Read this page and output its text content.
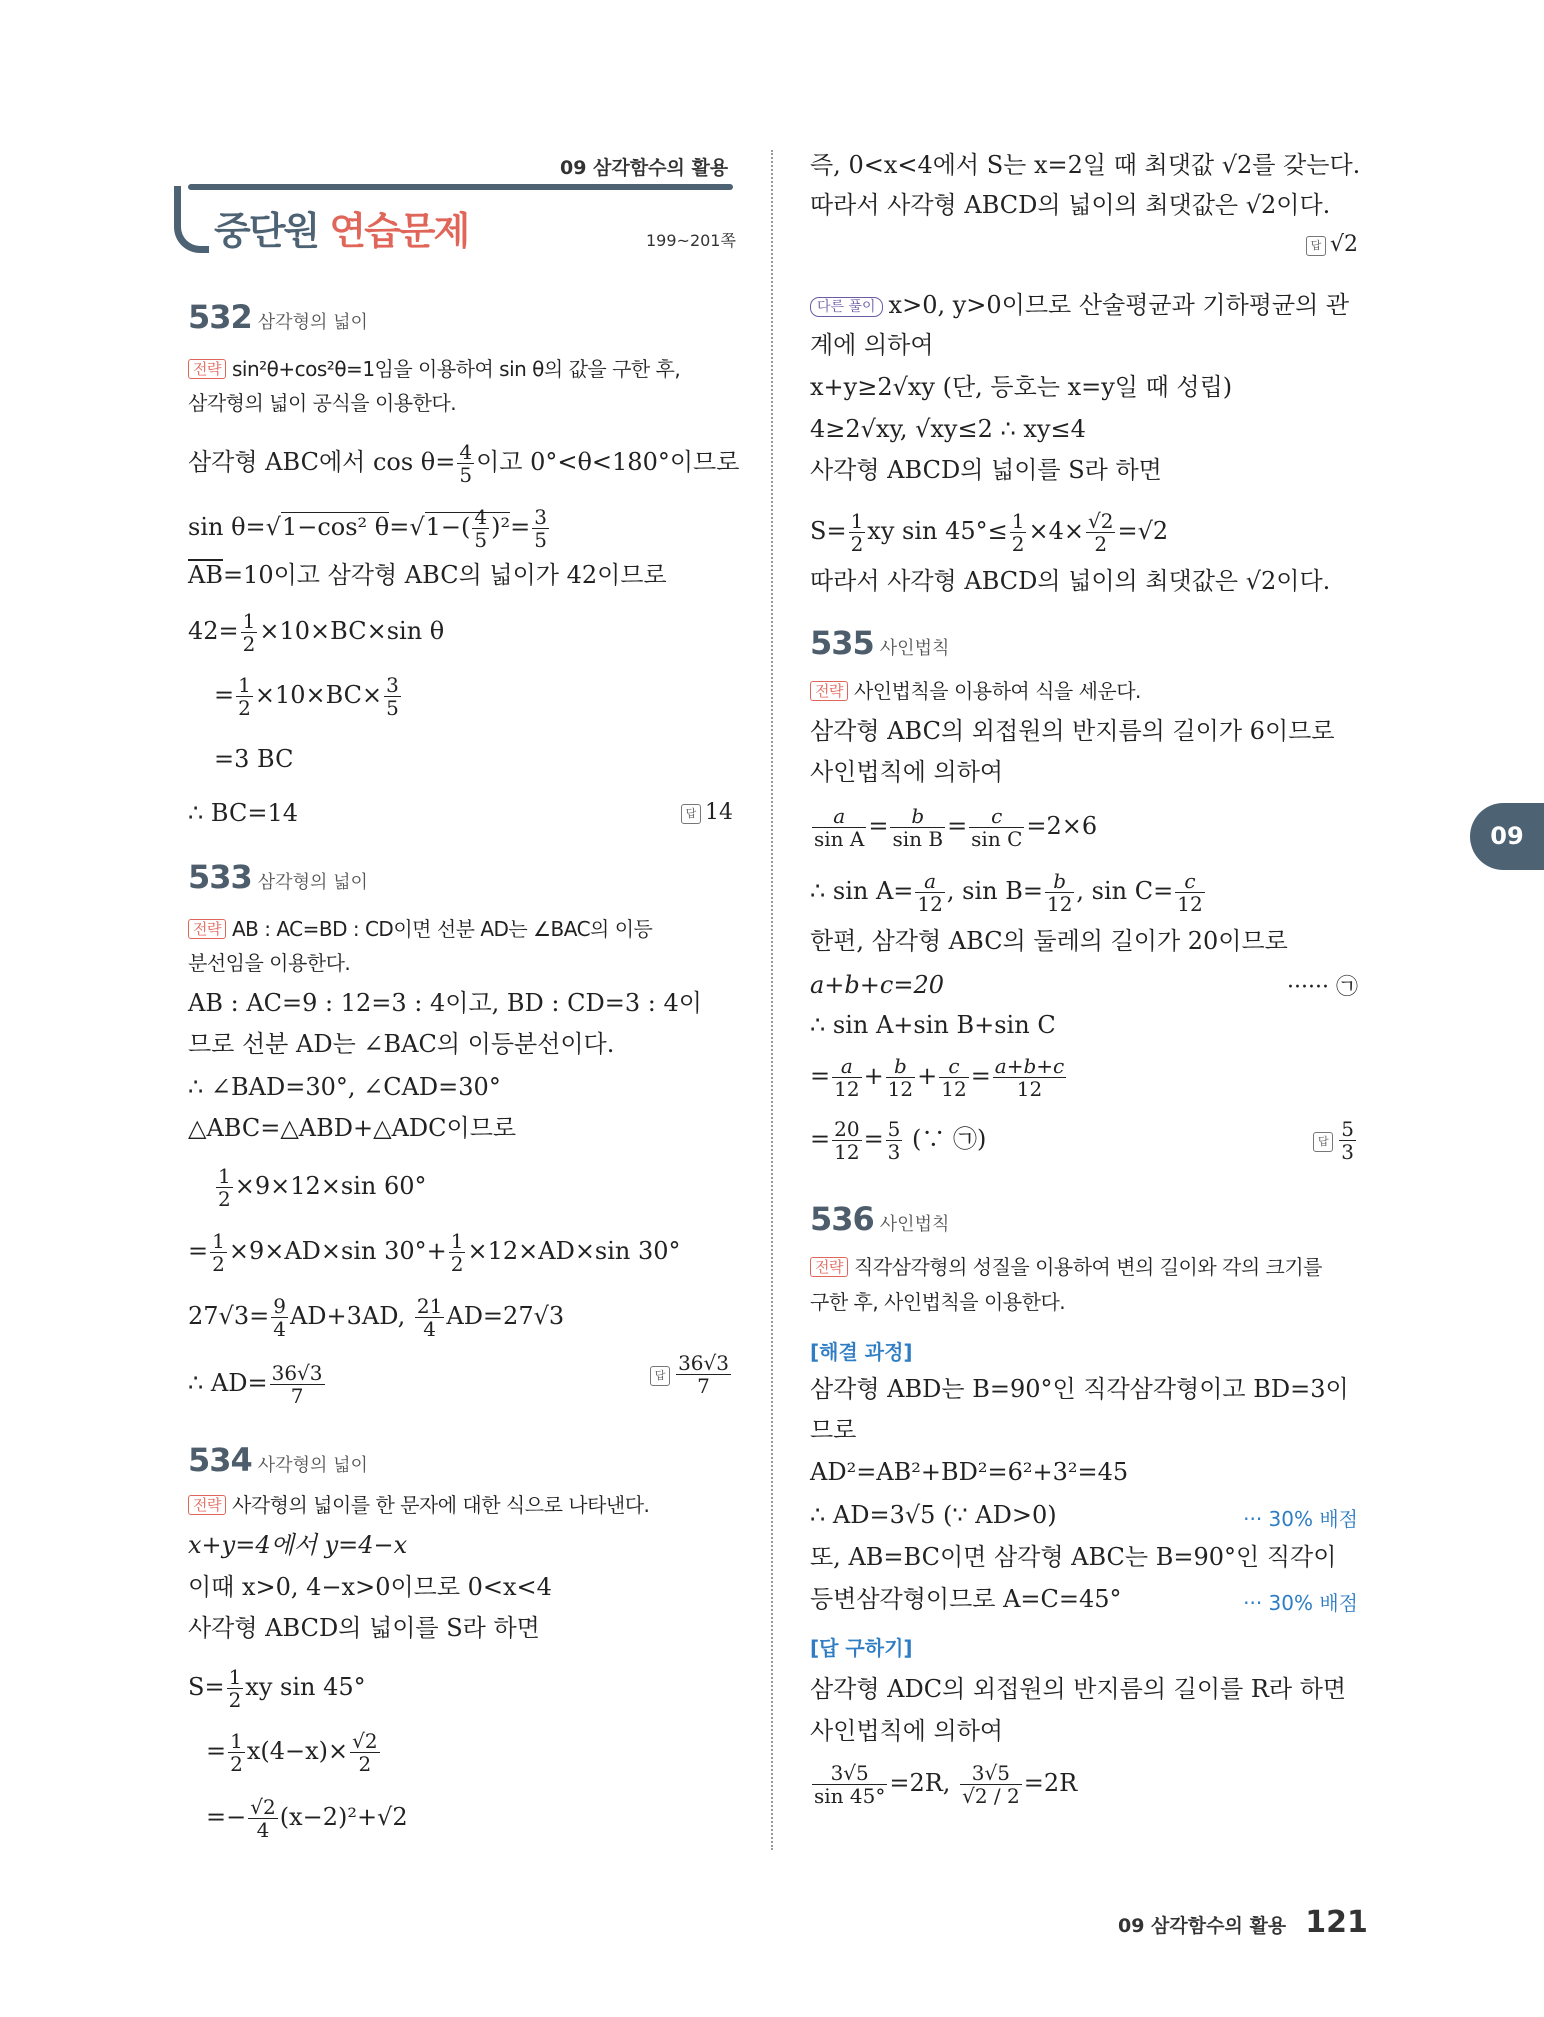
09 삼각함수의 활용
중단원 연습문제	199~201쪽
09
532 삼각형의 넓이
전략 sin²θ+cos²θ=1임을 이용하여 sin θ의 값을 구한 후,
삼각형의 넓이 공식을 이용한다.
삼각형 ABC에서 $\cos \theta= \frac{4}{5}$ 이고 0°<θ<180°이므로
sin θ=√1−cos² $\theta=√1-( \frac{4}{5} )^2= \frac{3}{5}$
$\overline{AB}=10$이고 삼각형 ABC의 넓이가 42이므로
$42= \frac{1}{2} \times 10\times BC\times\sin$ θ
= $\frac{1}{2} \times 10\times BC\times \frac{3}{5}$
=3 BC
∴ BC=14	답 14
533 삼각형의 넓이
전략 AB : AC=BD : CD이면 선분 AD는 ∠BAC의 이등
분선임을 이용한다.
AB : AC=9 : 12=3 : 4이고, BD : CD=3 : 4이
므로 선분 AD는 ∠BAC의 이등분선이다.
∴ ∠BAD=30°, ∠CAD=30°
△ABC=△ABD+△ADC이므로
$\frac{1}{2} \times 9\times 12\times\sin$ 60°
= $\frac{1}{2} \times 9\times AD\times\sin$ $30^\circ+ \frac{1}{2} \times 12\times AD\times\sin$ 30°
$27√3= \frac{9}{4} AD+3AD$, $\frac{21}{4} AD=27√3$
∴ $AD= \frac{36√3}{7}$	답 $\frac{36√3}{7}$
534 사각형의 넓이
전략 사각형의 넓이를 한 문자에 대한 식으로 나타낸다.
x+y=4에서 y=4−x
이때 x>0, 4−x>0이므로 0<x<4
사각형 ABCD의 넓이를 S라 하면
$S= \frac{1}{2}$ xy sin 45°
= $\frac{1}{2} x(4-x)\times \frac{√2}{2}$
=− $\frac{√2}{4} (x-2)^2+√2$
즉, 0<x<4에서 S는 x=2일 때 최댓값 √2를 갖는다.
따라서 사각형 ABCD의 넓이의 최댓값은 √2이다.
답 √2
다른 풀이 x>0, y>0이므로 산술평균과 기하평균의 관
계에 의하여
x+y≥2√xy (단, 등호는 x=y일 때 성립)
4≥2√xy, √xy≤2 ∴ xy≤4
사각형 ABCD의 넓이를 S라 하면
$S= \frac{1}{2}$ xy $\sin 45^\circ\le \frac{1}{2} \times 4\times \frac{√2}{2} =√2$
따라서 사각형 ABCD의 넓이의 최댓값은 √2이다.
535 사인법칙
전략 사인법칙을 이용하여 식을 세운다.
삼각형 ABC의 외접원의 반지름의 길이가 6이므로
사인법칙에 의하여
$\frac{a}{\text{sin A}} = \frac{b}{\text{sin B}} = \frac{c}{\text{sin C}} =2\times 6$
∴ $\sin A= \frac{a}{12}$ , $\sin B= \frac{b}{12}$ , $\sin C= \frac{c}{12}$
한편, 삼각형 ABC의 둘레의 길이가 20이므로
a+b+c=20	······ ㉠
∴ sin A+sin B+sin C
= $\frac{a}{12} + \frac{b}{12} + \frac{c}{12} = \frac{a+b+c}{12}$
= $\frac{20}{12} = \frac{5}{3}$ (∵ ㉠)	답 $\frac{5}{3}$
536 사인법칙
전략 직각삼각형의 성질을 이용하여 변의 길이와 각의 크기를
구한 후, 사인법칙을 이용한다.
[해결 과정]
삼각형 ABD는 B=90°인 직각삼각형이고 BD=3이
므로
AD²=AB²+BD²=6²+3²=45
∴ AD=3√5 (∵ AD>0)	··· 30% 배점
또, AB=BC이면 삼각형 ABC는 B=90°인 직각이
등변삼각형이므로 A=C=45°	··· 30% 배점
[답 구하기]
삼각형 ADC의 외접원의 반지름의 길이를 R라 하면
사인법칙에 의하여
$\frac{3√5}{\sin 45^\circ} =2R$, $\frac{3√5}{√2 / 2} =2R$
09 삼각함수의 활용 121
